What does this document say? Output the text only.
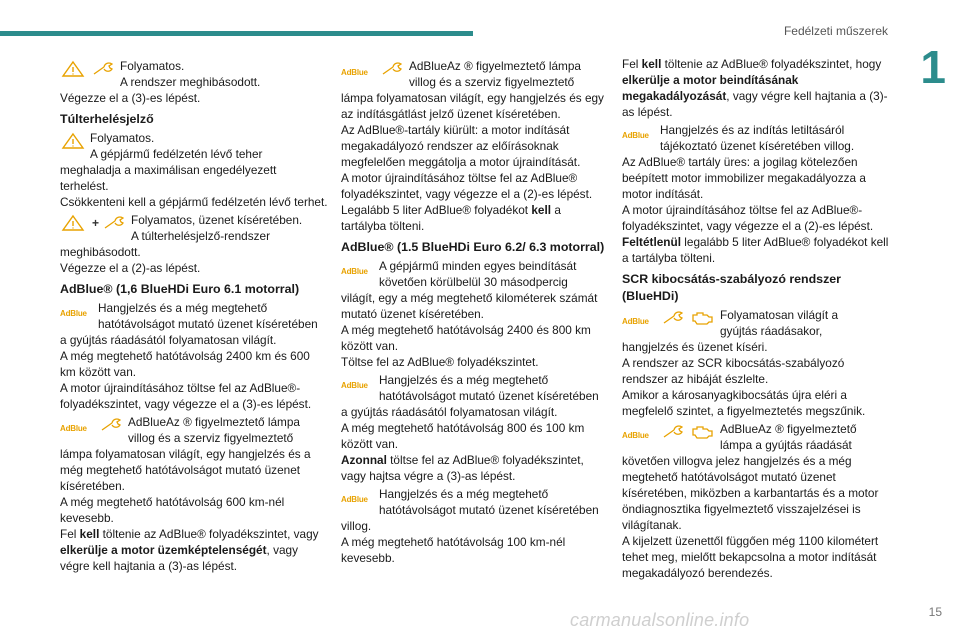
Fedélzeti műszerek
1
15
carmanualsonline.info
Folyamatos.
A rendszer meghibásodott.
Végezze el a (3)-es lépést.
Túlterhelésjelző
Folyamatos.
A gépjármű fedélzetén lévő teher
meghaladja a maximálisan engedélyezett terhelést.
Csökkenteni kell a gépjármű fedélzetén lévő terhet.
+	Folyamatos, üzenet kíséretében.
A túlterhelésjelző-rendszer
meghibásodott.
Végezze el a (2)-as lépést.
AdBlue® (1,6 BlueHDi Euro 6.1 motorral)
AdBlue Hangjelzés és a még megtehető
hatótávolságot mutató üzenet kíséretében
a gyújtás ráadásától folyamatosan világít.
A még megtehető hatótávolság 2400 km és 600 km között van.
A motor újraindításához töltse fel az AdBlue®-folyadékszintet, vagy végezze el a (3)-es lépést.
AdBlue	AdBlueAz ® figyelmeztető lámpa
villog és a szerviz figyelmeztető
lámpa folyamatosan világít, egy hangjelzés és a még megtehető hatótávolságot mutató üzenet kíséretében.
A még megtehető hatótávolság 600 km-nél kevesebb.
Fel kell töltenie az AdBlue® folyadékszintet, vagy elkerülje a motor üzemképtelenségét, vagy végre kell hajtania a (3)-as lépést.
AdBlue	AdBlueAz ® figyelmeztető lámpa
villog és a szerviz figyelmeztető
lámpa folyamatosan világít, egy hangjelzés és egy az indításgátlást jelző üzenet kíséretében.
Az AdBlue®-tartály kiürült: a motor indítását megakadályozó rendszer az előírásoknak megfelelően meggátolja a motor újraindítását.
A motor újraindításához töltse fel az AdBlue® folyadékszintet, vagy végezze el a (2)-es lépést.
Legalább 5 liter AdBlue® folyadékot kell a tartályba tölteni.
AdBlue® (1.5 BlueHDi Euro 6.2/ 6.3 motorral)
AdBlue A gépjármű minden egyes beindítását
követően körülbelül 30 másodpercig
világít, egy a még megtehető kilométerek számát mutató üzenet kíséretében.
A még megtehető hatótávolság 2400 és 800 km között van.
Töltse fel az AdBlue® folyadékszintet.
AdBlue Hangjelzés és a még megtehető
hatótávolságot mutató üzenet kíséretében
a gyújtás ráadásától folyamatosan világít.
A még megtehető hatótávolság 800 és 100 km között van.
Azonnal töltse fel az AdBlue® folyadékszintet, vagy hajtsa végre a (3)-as lépést.
AdBlue Hangjelzés és a még megtehető
hatótávolságot mutató üzenet kíséretében
villog.
A még megtehető hatótávolság 100 km-nél kevesebb.
Fel kell töltenie az AdBlue® folyadékszintet, hogy elkerülje a motor beindításának megakadályozását, vagy végre kell hajtania a (3)-as lépést.
AdBlue Hangjelzés és az indítás letiltásáról
tájékoztató üzenet kíséretében villog.
Az AdBlue® tartály üres: a jogilag kötelezően beépített motor immobilizer megakadályozza a motor indítását.
A motor újraindításához töltse fel az AdBlue®-folyadékszintet, vagy végezze el a (2)-es lépést.
Feltétlenül legalább 5 liter AdBlue® folyadékot kell a tartályba tölteni.
SCR kibocsátás-szabályozó rendszer (BlueHDi)
AdBlue	Folyamatosan világít a
gyújtás ráadásakor,
hangjelzés és üzenet kíséri.
A rendszer az SCR kibocsátás-szabályozó rendszer az hibáját észlelte.
Amikor a károsanyagkibocsátás újra eléri a megfelelő szintet, a figyelmeztetés megszűnik.
AdBlue	AdBlueAz ® figyelmeztető
lámpa a gyújtás ráadását
követően villogva jelez hangjelzés és a még megtehető hatótávolságot mutató üzenet kíséretében, miközben a karbantartás és a motor öndiagnosztika figyelmeztető visszajelzései is világítanak.
A kijelzett üzenettől függően még 1100 kilométert tehet meg, mielőtt bekapcsolna a motor indítását megakadályozó berendezés.
